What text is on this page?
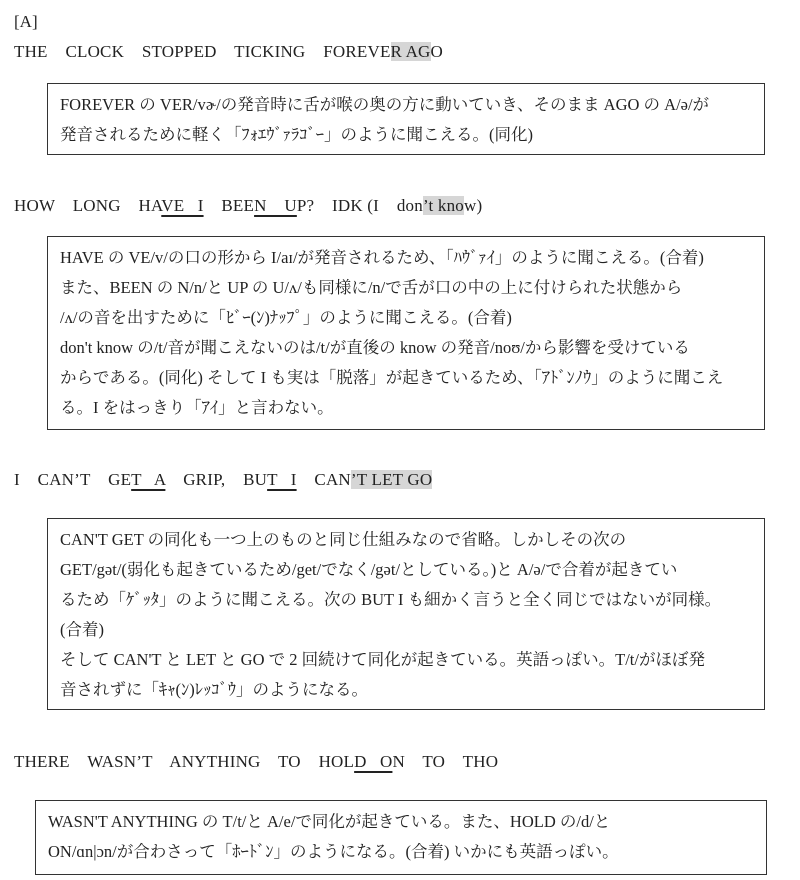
[A]
THE    CLOCK    STOPPED    TICKING    FOREVER AGO

FOREVER の VER/vɚ/の発音時に舌が喉の奥の方に動いていき、そのまま AGO の A/ə/が

発音されるために軽く「ﾌｫｴｳﾞｧﾗｺﾞｰ」のように聞こえる。(同化)

HOW    LONG    HAVE   I    BEEN    UP?    IDK (I    don’t know)

HAVE の VE/v/の口の形から I/aɪ/が発音されるため、「ﾊｳﾞｧｲ」のように聞こえる。(合着)

また、BEEN の N/n/と UP の U/ʌ/も同様に/n/で舌が口の中の上に付けられた状態から

/ʌ/の音を出すために「ﾋﾞｰ(ﾝ)ﾅｯﾌﾟ」のように聞こえる。(合着)

don't know の/t/音が聞こえないのは/t/が直後の know の発音/noʊ/から影響を受けている

からである。(同化) そして I も実は「脱落」が起きているため、「ｱﾄﾞﾝﾉｳ」のように聞こえ

る。I をはっきり「ｱｲ」と言わない。

I    CAN’T    GET   A    GRIP,    BUT   I    CAN’T LET GO

CAN'T GET の同化も一つ上のものと同じ仕組みなので省略。しかしその次の

GET/gət/(弱化も起きているため/get/でなく/gət/としている。)と A/ə/で合着が起きてい

るため「ｹﾞｯﾀ」のように聞こえる。次の BUT I も細かく言うと全く同じではないが同様。

(合着)

そして CAN'T と LET と GO で 2 回続けて同化が起きている。英語っぽい。T/t/がほぼ発

音されずに「ｷｬ(ﾝ)ﾚｯｺﾞｳ」のようになる。

THERE    WASN’T    ANYTHING    TO    HOLD   ON    TO    THO

WASN'T ANYTHING の T/t/と A/e/で同化が起きている。また、HOLD の/d/と

ON/ɑn|ɔn/が合わさって「ﾎｰﾄﾞﾝ」のようになる。(合着) いかにも英語っぽい。
